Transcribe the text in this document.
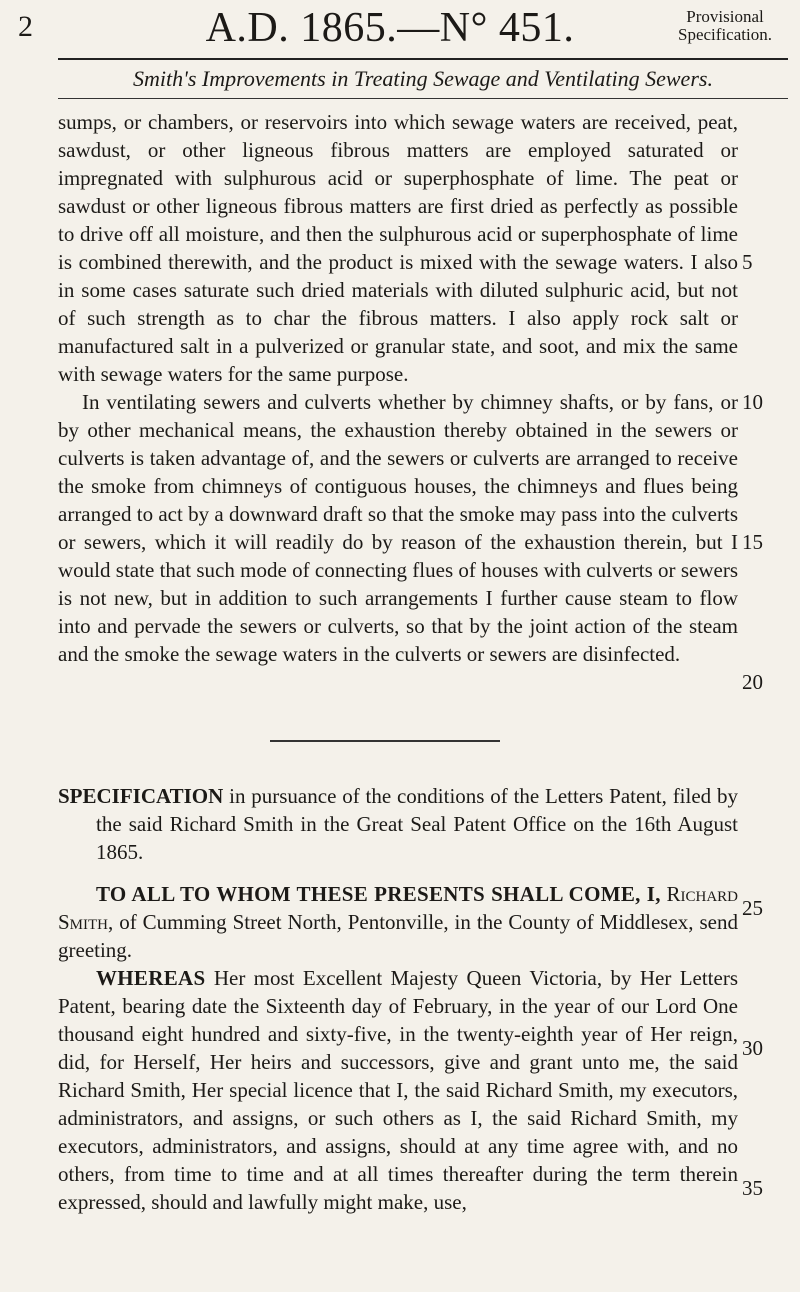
2	A.D. 1865.—N° 451.	Provisional
Specification.
Smith's Improvements in Treating Sewage and Ventilating Sewers.

sumps, or chambers, or reservoirs into which sewage waters are received, peat, sawdust, or other ligneous fibrous matters are employed saturated or impregnated with sulphurous acid or superphosphate of lime. The peat or sawdust or other ligneous fibrous matters are first dried as perfectly as possible to drive off all moisture, and then the sulphurous acid or superphosphate of lime is combined therewith, and the product is mixed with the sewage waters. I also in some cases saturate such dried materials with diluted sulphuric acid, but not of such strength as to char the fibrous matters. I also apply rock salt or manufactured salt in a pulverized or granular state, and soot, and mix the same with sewage waters for the same purpose.

In ventilating sewers and culverts whether by chimney shafts, or by fans, or by other mechanical means, the exhaustion thereby obtained in the sewers or culverts is taken advantage of, and the sewers or culverts are arranged to receive the smoke from chimneys of contiguous houses, the chimneys and flues being arranged to act by a downward draft so that the smoke may pass into the culverts or sewers, which it will readily do by reason of the exhaustion therein, but I would state that such mode of connecting flues of houses with culverts or sewers is not new, but in addition to such arrangements I further cause steam to flow into and pervade the sewers or culverts, so that by the joint action of the steam and the smoke the sewage waters in the culverts or sewers are disinfected.

SPECIFICATION in pursuance of the conditions of the Letters Patent, filed by the said Richard Smith in the Great Seal Patent Office on the 16th August 1865.

TO ALL TO WHOM THESE PRESENTS SHALL COME, I, Richard Smith, of Cumming Street North, Pentonville, in the County of Middlesex, send greeting.

WHEREAS Her most Excellent Majesty Queen Victoria, by Her Letters Patent, bearing date the Sixteenth day of February, in the year of our Lord One thousand eight hundred and sixty-five, in the twenty-eighth year of Her reign, did, for Herself, Her heirs and successors, give and grant unto me, the said Richard Smith, Her special licence that I, the said Richard Smith, my executors, administrators, and assigns, or such others as I, the said Richard Smith, my executors, administrators, and assigns, should at any time agree with, and no others, from time to time and at all times thereafter during the term therein expressed, should and lawfully might make, use,

5
10
15
20
25
30
35
